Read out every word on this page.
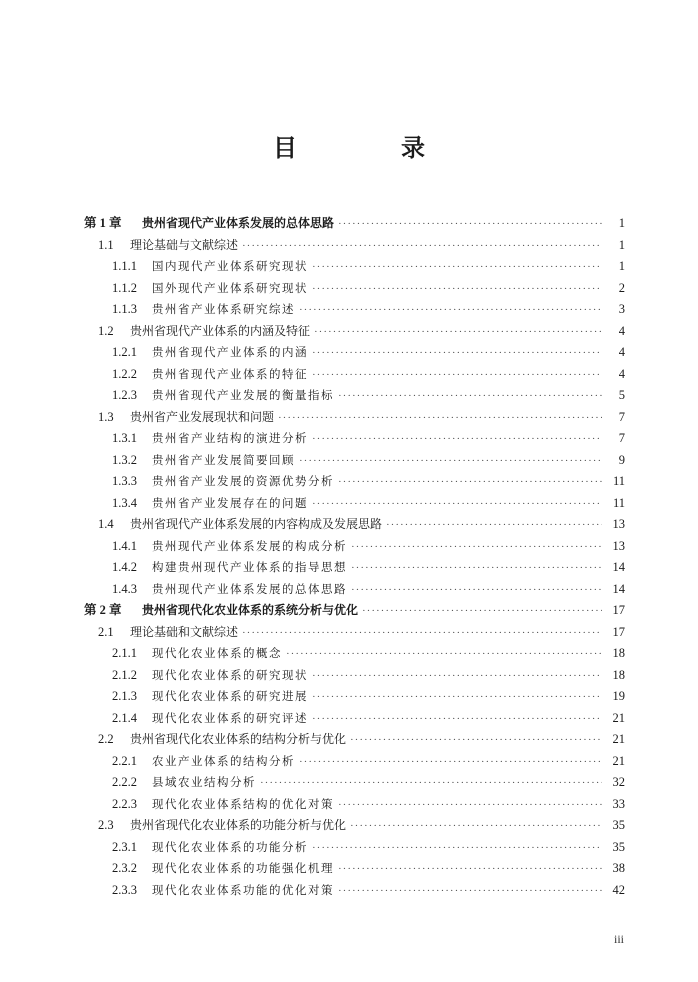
目　录
第 1 章	贵州省现代产业体系发展的总体思路 ·····	1
1.1	理论基础与文献综述 ·····	1
1.1.1	国内现代产业体系研究现状 ·····	1
1.1.2	国外现代产业体系研究现状 ·····	2
1.1.3	贵州省产业体系研究综述 ·····	3
1.2	贵州省现代产业体系的内涵及特征 ·····	4
1.2.1	贵州省现代产业体系的内涵 ·····	4
1.2.2	贵州省现代产业体系的特征 ·····	4
1.2.3	贵州省现代产业发展的衡量指标 ·····	5
1.3	贵州省产业发展现状和问题 ·····	7
1.3.1	贵州省产业结构的演进分析 ·····	7
1.3.2	贵州省产业发展简要回顾 ·····	9
1.3.3	贵州省产业发展的资源优势分析 ·····	11
1.3.4	贵州省产业发展存在的问题 ·····	11
1.4	贵州省现代产业体系发展的内容构成及发展思路 ·····	13
1.4.1	贵州现代产业体系发展的构成分析 ·····	13
1.4.2	构建贵州现代产业体系的指导思想 ·····	14
1.4.3	贵州现代产业体系发展的总体思路 ·····	14
第 2 章	贵州省现代化农业体系的系统分析与优化 ·····	17
2.1	理论基础和文献综述 ·····	17
2.1.1	现代化农业体系的概念 ·····	18
2.1.2	现代化农业体系的研究现状 ·····	18
2.1.3	现代化农业体系的研究进展 ·····	19
2.1.4	现代化农业体系的研究评述 ·····	21
2.2	贵州省现代化农业体系的结构分析与优化 ·····	21
2.2.1	农业产业体系的结构分析 ·····	21
2.2.2	县域农业结构分析 ·····	32
2.2.3	现代化农业体系结构的优化对策 ·····	33
2.3	贵州省现代化农业体系的功能分析与优化 ·····	35
2.3.1	现代化农业体系的功能分析 ·····	35
2.3.2	现代化农业体系的功能强化机理 ·····	38
2.3.3	现代化农业体系功能的优化对策 ·····	42
iii
